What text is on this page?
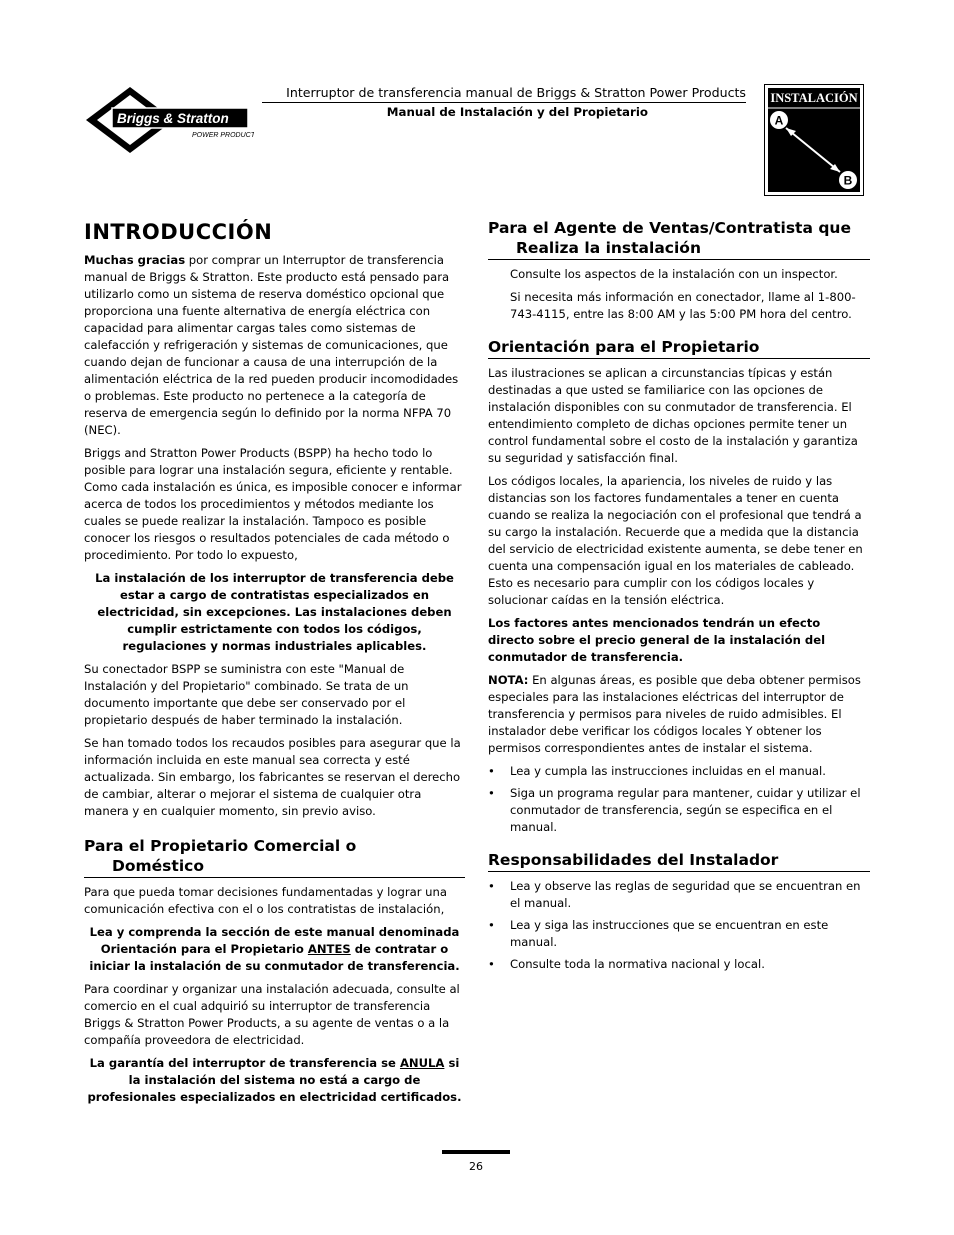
Briggs & Stratton
POWER PRODUCTS
Interruptor de transferencia manual de Briggs & Stratton Power Products
Manual de Instalación y del Propietario
INSTALACIÓN
A
B
INTRODUCCIÓN

Muchas gracias por comprar un Interruptor de transferencia manual de Briggs & Stratton. Este producto está pensado para utilizarlo como un sistema de reserva doméstico opcional que proporciona una fuente alternativa de energía eléctrica con capacidad para alimentar cargas tales como sistemas de calefacción y refrigeración y sistemas de comunicaciones, que cuando dejan de funcionar a causa de una interrupción de la alimentación eléctrica de la red pueden producir incomodidades o problemas. Este producto no pertenece a la categoría de reserva de emergencia según lo definido por la norma NFPA 70 (NEC).

Briggs and Stratton Power Products (BSPP) ha hecho todo lo posible para lograr una instalación segura, eficiente y rentable. Como cada instalación es única, es imposible conocer e informar acerca de todos los procedimientos y métodos mediante los cuales se puede realizar la instalación. Tampoco es posible conocer los riesgos o resultados potenciales de cada método o procedimiento. Por todo lo expuesto,

La instalación de los interruptor de transferencia debe estar a cargo de contratistas especializados en electricidad, sin excepciones. Las instalaciones deben cumplir estrictamente con todos los códigos, regulaciones y normas industriales aplicables.

Su conectador BSPP se suministra con este "Manual de Instalación y del Propietario" combinado. Se trata de un documento importante que debe ser conservado por el propietario después de haber terminado la instalación.

Se han tomado todos los recaudos posibles para asegurar que la información incluida en este manual sea correcta y esté actualizada. Sin embargo, los fabricantes se reservan el derecho de cambiar, alterar o mejorar el sistema de cualquier otra manera y en cualquier momento, sin previo aviso.

Para el Propietario Comercial o
Doméstico

Para que pueda tomar decisiones fundamentadas y lograr una comunicación efectiva con el o los contratistas de instalación,

Lea y comprenda la sección de este manual denominada Orientación para el Propietario ANTES de contratar o iniciar la instalación de su conmutador de transferencia.

Para coordinar y organizar una instalación adecuada, consulte al comercio en el cual adquirió su interruptor de transferencia Briggs & Stratton Power Products, a su agente de ventas o a la compañía proveedora de electricidad.

La garantía del interruptor de transferencia se ANULA si la instalación del sistema no está a cargo de profesionales especializados en electricidad certificados.

Para el Agente de Ventas/Contratista que
Realiza la instalación

Consulte los aspectos de la instalación con un inspector.

Si necesita más información en conectador, llame al 1-800-743-4115, entre las 8:00 AM y las 5:00 PM hora del centro.

Orientación para el Propietario

Las ilustraciones se aplican a circunstancias típicas y están destinadas a que usted se familiarice con las opciones de instalación disponibles con su conmutador de transferencia. El entendimiento completo de dichas opciones permite tener un control fundamental sobre el costo de la instalación y garantiza su seguridad y satisfacción final.

Los códigos locales, la apariencia, los niveles de ruido y las distancias son los factores fundamentales a tener en cuenta cuando se realiza la negociación con el profesional que tendrá a su cargo la instalación. Recuerde que a medida que la distancia del servicio de electricidad existente aumenta, se debe tener en cuenta una compensación igual en los materiales de cableado. Esto es necesario para cumplir con los códigos locales y solucionar caídas en la tensión eléctrica.

Los factores antes mencionados tendrán un efecto directo sobre el precio general de la instalación del conmutador de transferencia.

NOTA: En algunas áreas, es posible que deba obtener permisos especiales para las instalaciones eléctricas del interruptor de transferencia y permisos para niveles de ruido admisibles. El instalador debe verificar los códigos locales Y obtener los permisos correspondientes antes de instalar el sistema.

• Lea y cumpla las instrucciones incluidas en el manual.
• Siga un programa regular para mantener, cuidar y utilizar el conmutador de transferencia, según se especifica en el manual.
Responsabilidades del Instalador
• Lea y observe las reglas de seguridad que se encuentran en el manual.
• Lea y siga las instrucciones que se encuentran en este manual.
• Consulte toda la normativa nacional y local.
26
